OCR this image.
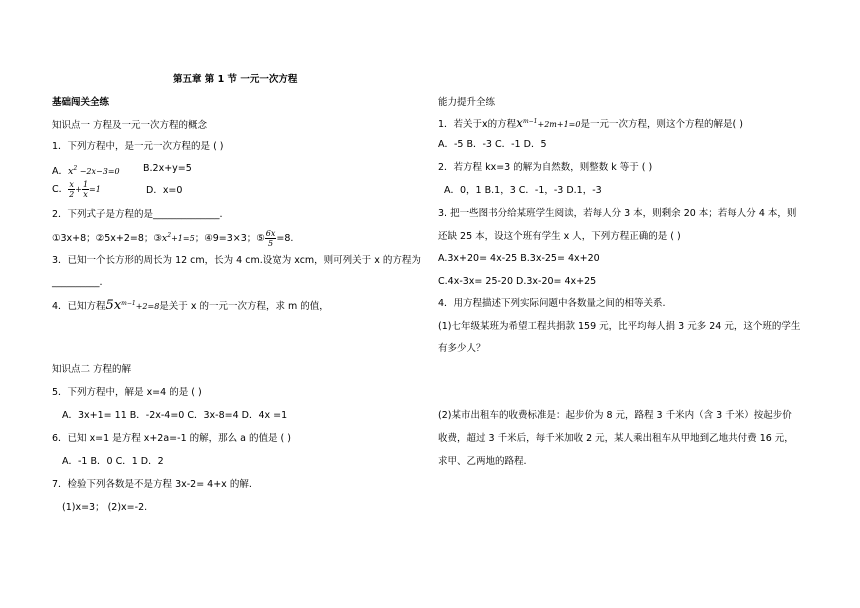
第五章 第 1 节 一元一次方程
基础闯关全练
知识点一 方程及一元一次方程的概念
1．下列方程中，是一元一次方程的是 ( )
A．$x^2 -2x-3=0$ B.2x+y=5
C． $\frac{x}{2} + \frac{1}{x} =1$	D．x=0
2．下列式子是方程的是______________.
①3x+8；②5x+2=8；$③x^2+1=5$；④9=3×3；⑤ $\frac{6x}{5} =8$.
3．已知一个长方形的周长为 12 cm，长为 4 cm.设宽为 xcm，则可列关于 x 的方程为
__________.
4．已知方程$5x^{m-1}+2=8$是关于 x 的一元一次方程，求 m 的值，
知识点二 方程的解
5．下列方程中，解是 x=4 的是 ( )
A．3x+1= 11 B．-2x-4=0 C．3x-8=4 D．4x =1
6．已知 x=1 是方程 x+2a=-1 的解，那么 a 的值是 ( )
A．-1 B．0 C．1 D．2
7．检验下列各数是不是方程 3x-2= 4+x 的解.
(1)x=3； (2)x=-2.
能力提升全练
1．若关于x的方程$x^{m-1}+2m+1=0$是一元一次方程，则这个方程的解是( )
A．-5 B．-3 C．-1 D．5
2．若方程 kx=3 的解为自然数，则整数 k 等于 ( )
A．0，1 B.1，3 C．-1，-3 D.1，-3
3. 把一些图书分给某班学生阅读，若每人分 3 本，则剩余 20 本；若每人分 4 本，则
还缺 25 本，设这个班有学生 x 人，下列方程正确的是 ( )
A.3x+20= 4x-25 B.3x-25= 4x+20
C.4x-3x= 25-20 D.3x-20= 4x+25
4．用方程描述下列实际问题中各数量之间的相等关系.
(1)七年级某班为希望工程共捐款 159 元，比平均每人捐 3 元多 24 元，这个班的学生
有多少人？
(2)某市出租车的收费标准是：起步价为 8 元，路程 3 千米内（含 3 千米）按起步价
收费，超过 3 千米后，每千米加收 2 元，某人乘出租车从甲地到乙地共付费 16 元，
求甲、乙两地的路程.
